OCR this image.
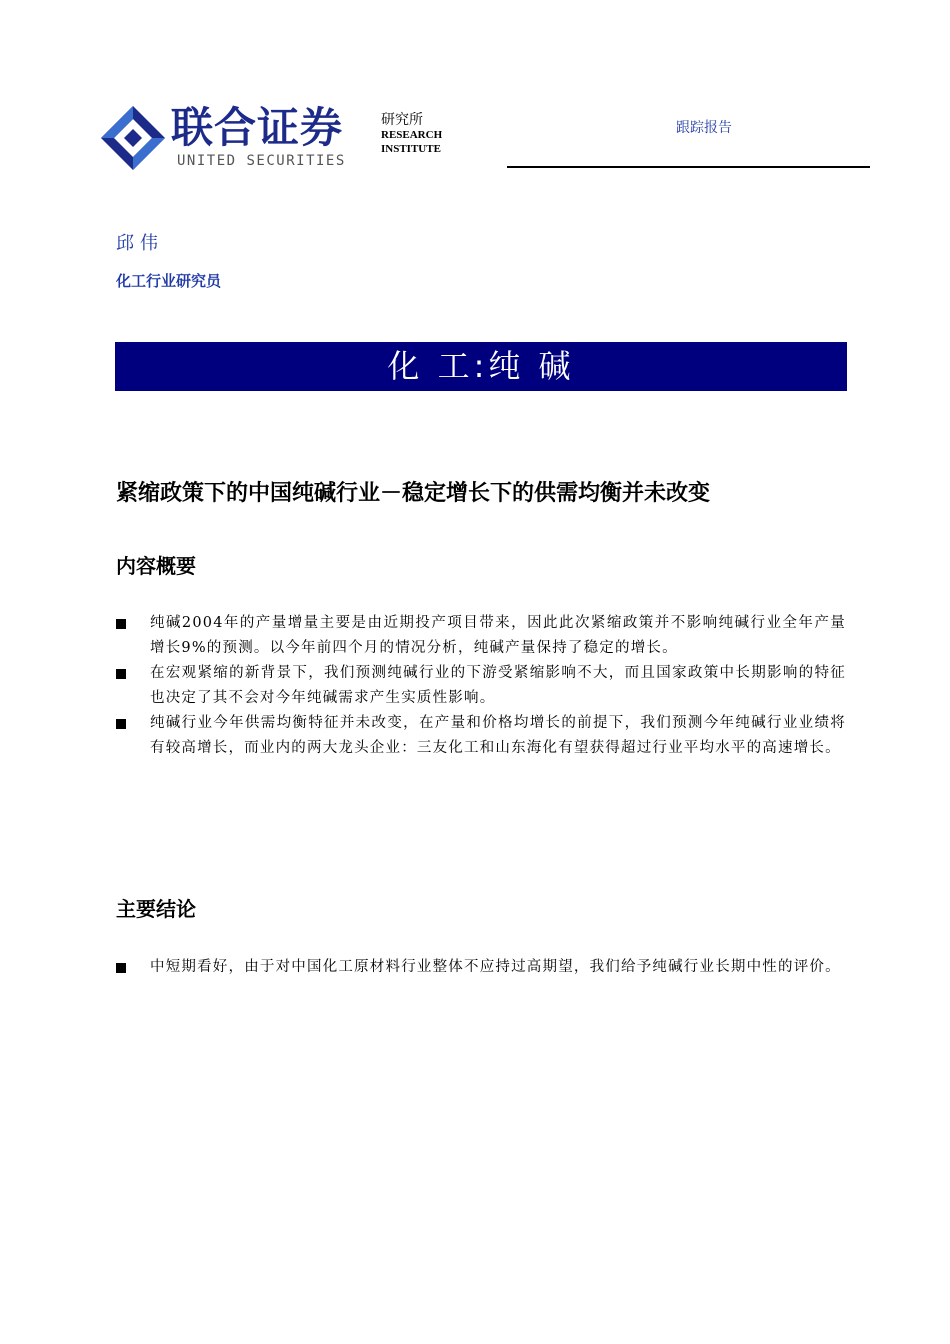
联合证券
UNITED SECURITIES
研究所
RESEARCH
INSTITUTE
跟踪报告
邱伟
化工行业研究员
化 工:纯 碱
紧缩政策下的中国纯碱行业－稳定增长下的供需均衡并未改变
内容概要
纯碱2004年的产量增量主要是由近期投产项目带来，因此此次紧缩政策并不影响纯碱行业全年产量增长9%的预测。以今年前四个月的情况分析，纯碱产量保持了稳定的增长。
在宏观紧缩的新背景下，我们预测纯碱行业的下游受紧缩影响不大，而且国家政策中长期影响的特征也决定了其不会对今年纯碱需求产生实质性影响。
纯碱行业今年供需均衡特征并未改变，在产量和价格均增长的前提下，我们预测今年纯碱行业业绩将有较高增长，而业内的两大龙头企业：三友化工和山东海化有望获得超过行业平均水平的高速增长。
主要结论
中短期看好，由于对中国化工原材料行业整体不应持过高期望，我们给予纯碱行业长期中性的评价。
